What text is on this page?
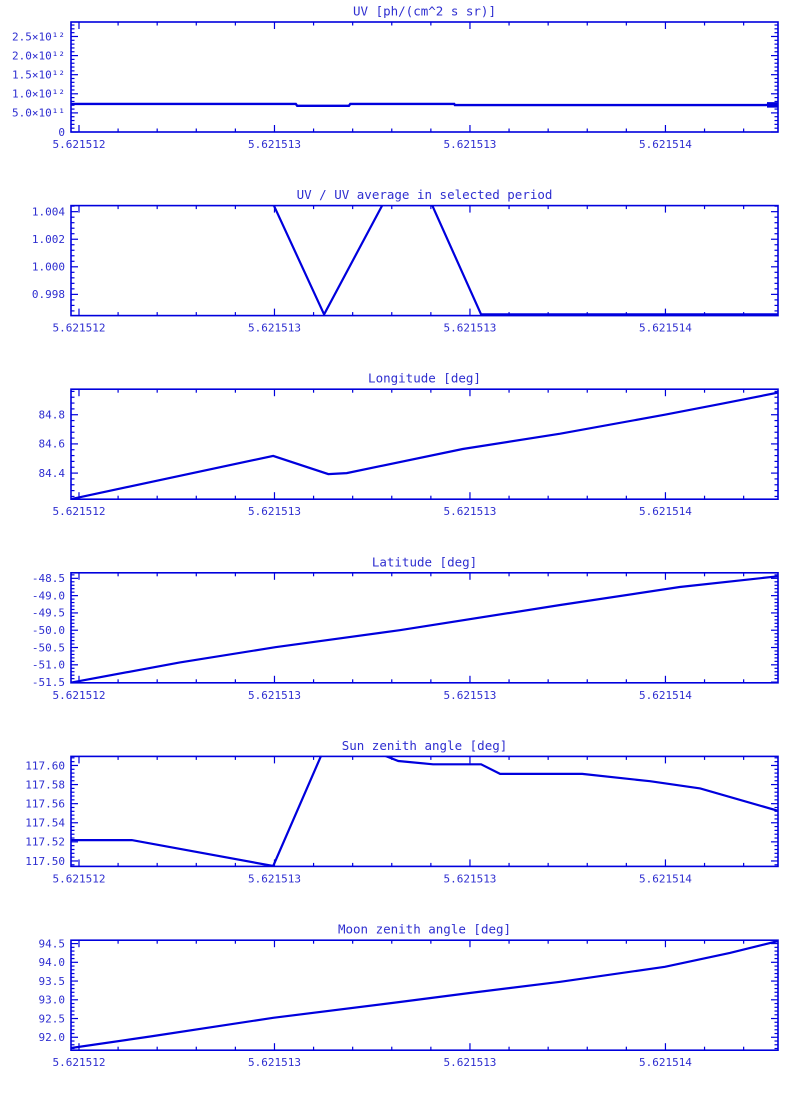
UV [ph/(cm^2 s sr)]
5.621512	5.621513	5.621513	5.621514
0
5.0×10¹¹
1.0×10¹²
1.5×10¹²
2.0×10¹²
2.5×10¹²
UV / UV average in selected period
5.621512	5.621513	5.621513	5.621514
0.998
1.000
1.002
1.004
Longitude [deg]
5.621512	5.621513	5.621513	5.621514
84.4
84.6
84.8
Latitude [deg]
5.621512	5.621513	5.621513	5.621514
-51.5
-51.0
-50.5
-50.0
-49.5
-49.0
-48.5
Sun zenith angle [deg]
5.621512	5.621513	5.621513	5.621514
117.50
117.52
117.54
117.56
117.58
117.60
Moon zenith angle [deg]
5.621512	5.621513	5.621513	5.621514
92.0
92.5
93.0
93.5
94.0
94.5
